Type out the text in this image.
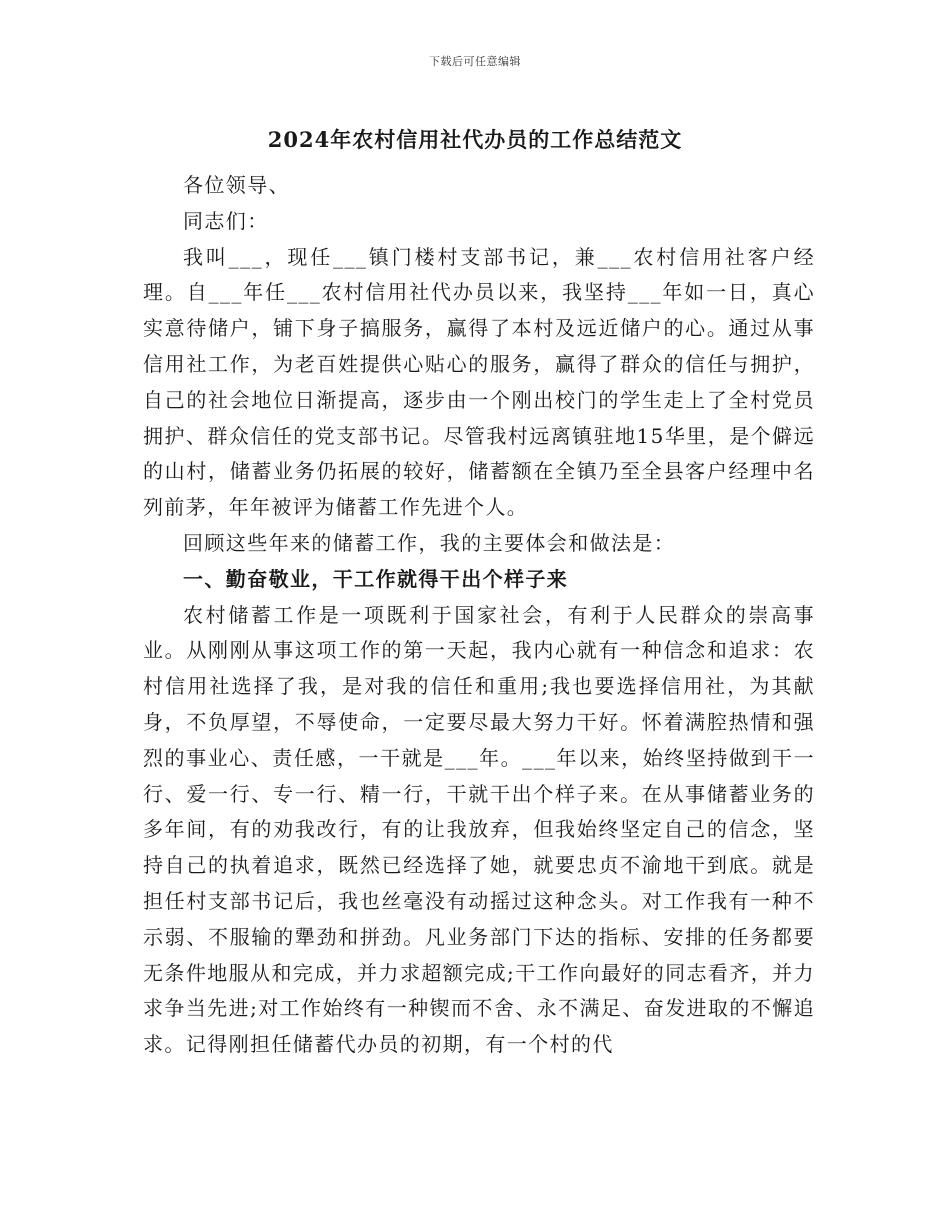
下载后可任意编辑
2024年农村信用社代办员的工作总结范文

各位领导、

同志们：

我叫___，现任___镇门楼村支部书记，兼___农村信用社客户经理。自___年任___农村信用社代办员以来，我坚持___年如一日，真心实意待储户，铺下身子搞服务，赢得了本村及远近储户的心。通过从事信用社工作，为老百姓提供心贴心的服务，赢得了群众的信任与拥护，自己的社会地位日渐提高，逐步由一个刚出校门的学生走上了全村党员拥护、群众信任的党支部书记。尽管我村远离镇驻地15华里，是个僻远的山村，储蓄业务仍拓展的较好，储蓄额在全镇乃至全县客户经理中名列前茅，年年被评为储蓄工作先进个人。

回顾这些年来的储蓄工作，我的主要体会和做法是：

一、勤奋敬业，干工作就得干出个样子来

农村储蓄工作是一项既利于国家社会，有利于人民群众的崇高事业。从刚刚从事这项工作的第一天起，我内心就有一种信念和追求：农村信用社选择了我，是对我的信任和重用;我也要选择信用社，为其献身，不负厚望，不辱使命，一定要尽最大努力干好。怀着满腔热情和强烈的事业心、责任感，一干就是___年。___年以来，始终坚持做到干一行、爱一行、专一行、精一行，干就干出个样子来。在从事储蓄业务的多年间，有的劝我改行，有的让我放弃，但我始终坚定自己的信念，坚持自己的执着追求，既然已经选择了她，就要忠贞不渝地干到底。就是担任村支部书记后，我也丝毫没有动摇过这种念头。对工作我有一种不示弱、不服输的犟劲和拼劲。凡业务部门下达的指标、安排的任务都要无条件地服从和完成，并力求超额完成;干工作向最好的同志看齐，并力求争当先进;对工作始终有一种锲而不舍、永不满足、奋发进取的不懈追求。记得刚担任储蓄代办员的初期，有一个村的代
